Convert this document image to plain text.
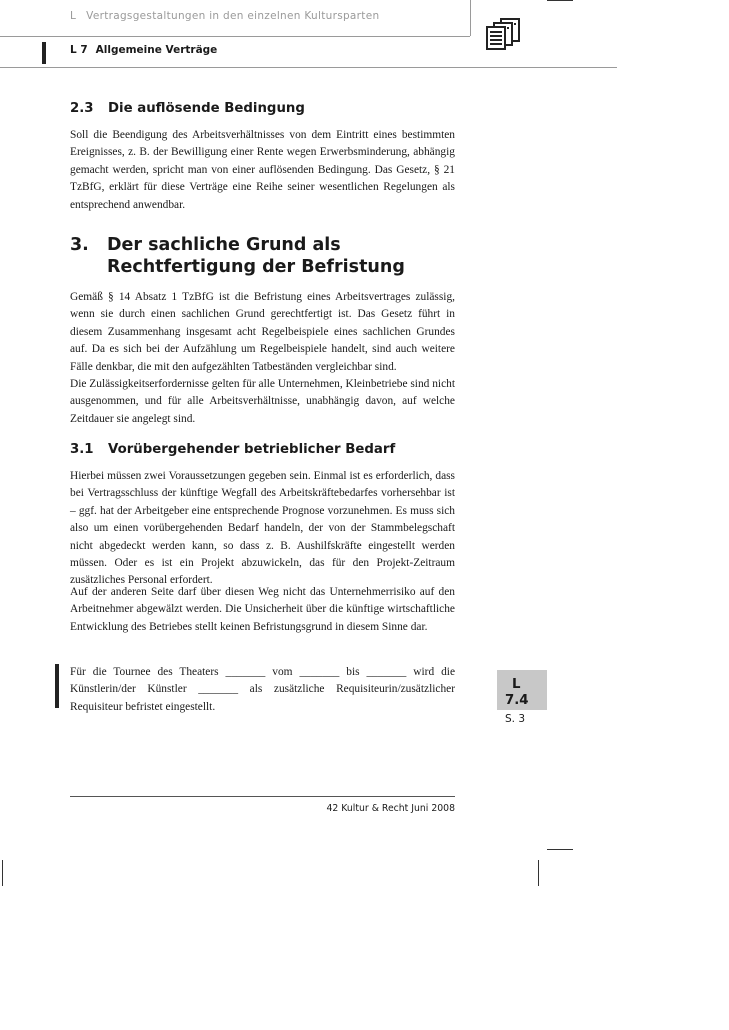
L Vertragsgestaltungen in den einzelnen Kultursparten
L 7 Allgemeine Verträge
2.3 Die auflösende Bedingung

Soll die Beendigung des Arbeitsverhältnisses von dem Eintritt eines bestimmten Ereignisses, z. B. der Bewilligung einer Rente wegen Erwerbsminderung, abhängig gemacht werden, spricht man von einer auflösenden Bedingung. Das Gesetz, § 21 TzBfG, erklärt für diese Verträge eine Reihe seiner wesentlichen Regelungen als entsprechend anwendbar.

3.	Der sachliche Grund als Rechtfertigung der Befristung

Gemäß § 14 Absatz 1 TzBfG ist die Befristung eines Arbeitsvertrages zulässig, wenn sie durch einen sachlichen Grund gerechtfertigt ist. Das Gesetz führt in diesem Zusammenhang insgesamt acht Regelbeispiele eines sachlichen Grundes auf. Da es sich bei der Aufzählung um Regelbeispiele handelt, sind auch weitere Fälle denkbar, die mit den aufgezählten Tatbeständen vergleichbar sind.

Die Zulässigkeitserfordernisse gelten für alle Unternehmen, Kleinbetriebe sind nicht ausgenommen, und für alle Arbeitsverhältnisse, unabhängig davon, auf welche Zeitdauer sie angelegt sind.

3.1 Vorübergehender betrieblicher Bedarf

Hierbei müssen zwei Voraussetzungen gegeben sein. Einmal ist es erforderlich, dass bei Vertragsschluss der künftige Wegfall des Arbeitskräftebedarfes vorhersehbar ist – ggf. hat der Arbeitgeber eine entsprechende Prognose vorzunehmen. Es muss sich also um einen vorübergehenden Bedarf handeln, der von der Stammbelegschaft nicht abgedeckt werden kann, so dass z. B. Aushilfskräfte eingestellt werden müssen. Oder es ist ein Projekt abzuwickeln, das für den Projekt-Zeitraum zusätzliches Personal erfordert.

Auf der anderen Seite darf über diesen Weg nicht das Unternehmerrisiko auf den Arbeitnehmer abgewälzt werden. Die Unsicherheit über die künftige wirtschaftliche Entwicklung des Betriebes stellt keinen Befristungsgrund in diesem Sinne dar.

Für die Tournee des Theaters _______ vom _______ bis _______ wird die Künstlerin/der Künstler _______ als zusätzliche Requisiteurin/zusätzlicher Requisiteur befristet eingestellt.

L
7.4
S. 3
42 Kultur & Recht Juni 2008
